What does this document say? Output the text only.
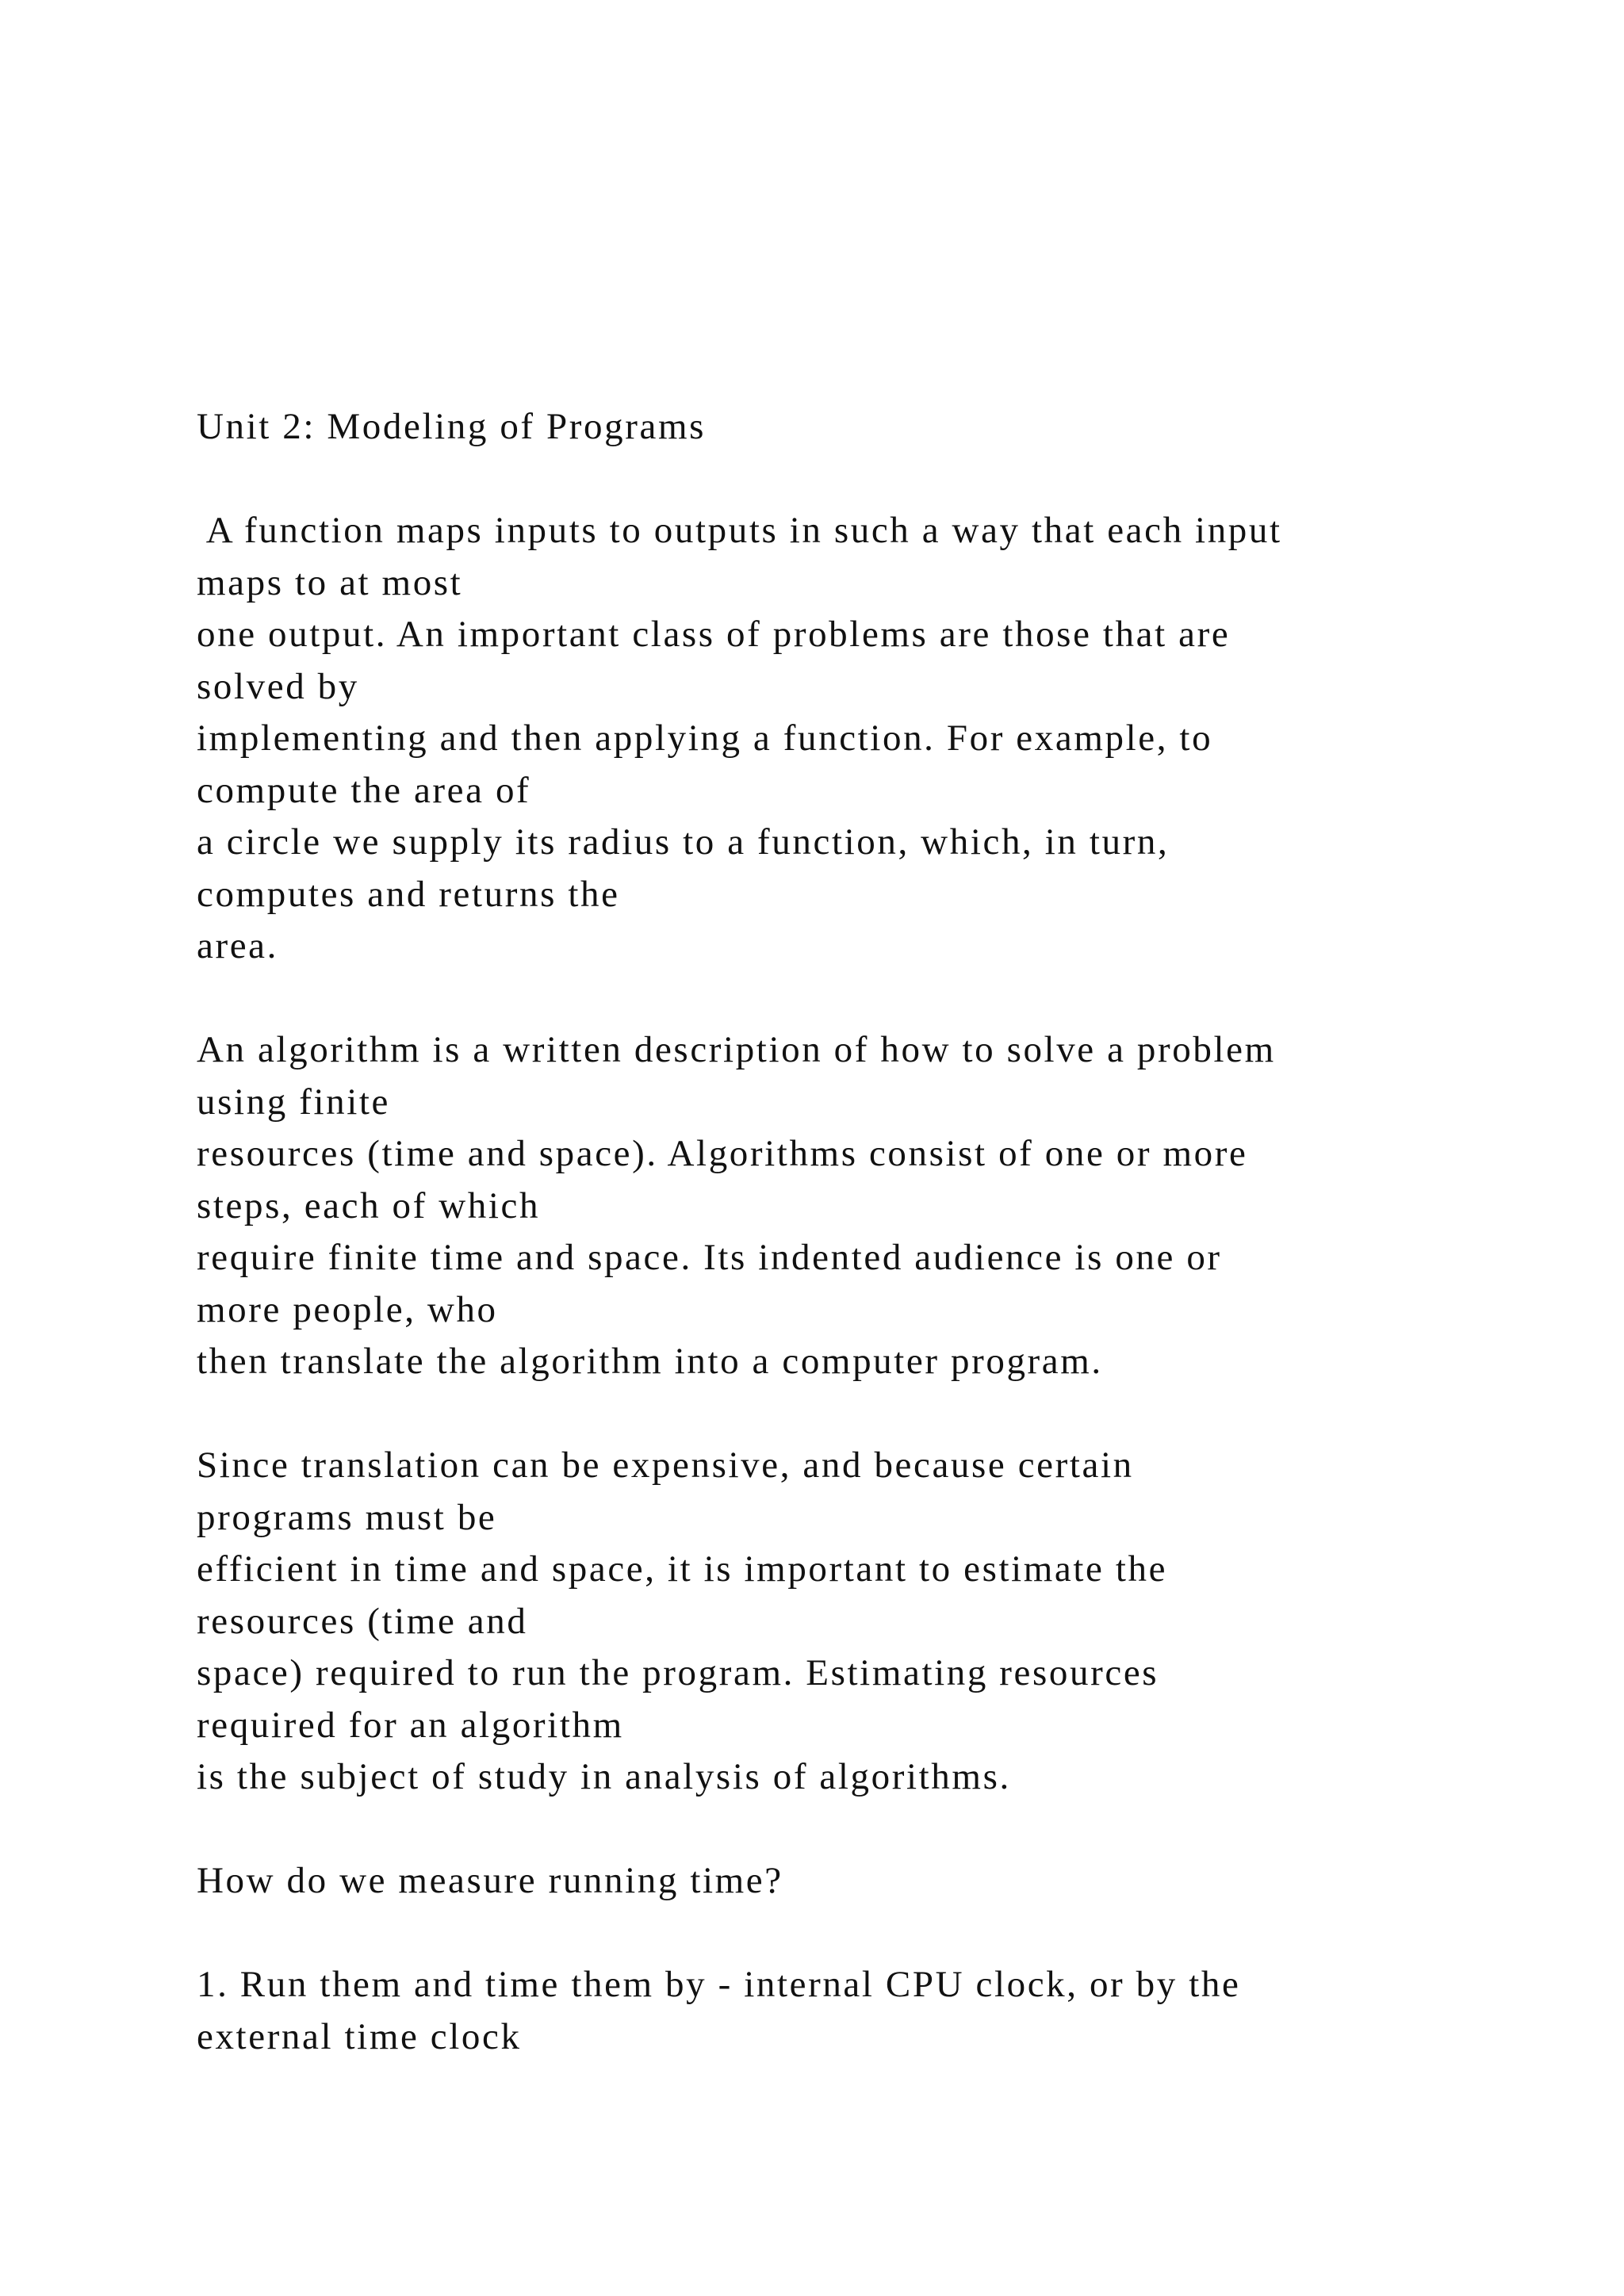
Unit 2: Modeling of Programs
A function maps inputs to outputs in such a way that each input
maps to at most
one output. An important class of problems are those that are
solved by
implementing and then applying a function. For example, to
compute the area of
a circle we supply its radius to a function, which, in turn,
computes and returns the
area.
An algorithm is a written description of how to solve a problem
using finite
resources (time and space). Algorithms consist of one or more
steps, each of which
require finite time and space. Its indented audience is one or
more people, who
then translate the algorithm into a computer program.
Since translation can be expensive, and because certain
programs must be
efficient in time and space, it is important to estimate the
resources (time and
space) required to run the program. Estimating resources
required for an algorithm
is the subject of study in analysis of algorithms.
How do we measure running time?
1. Run them and time them by - internal CPU clock, or by the
external time clock
